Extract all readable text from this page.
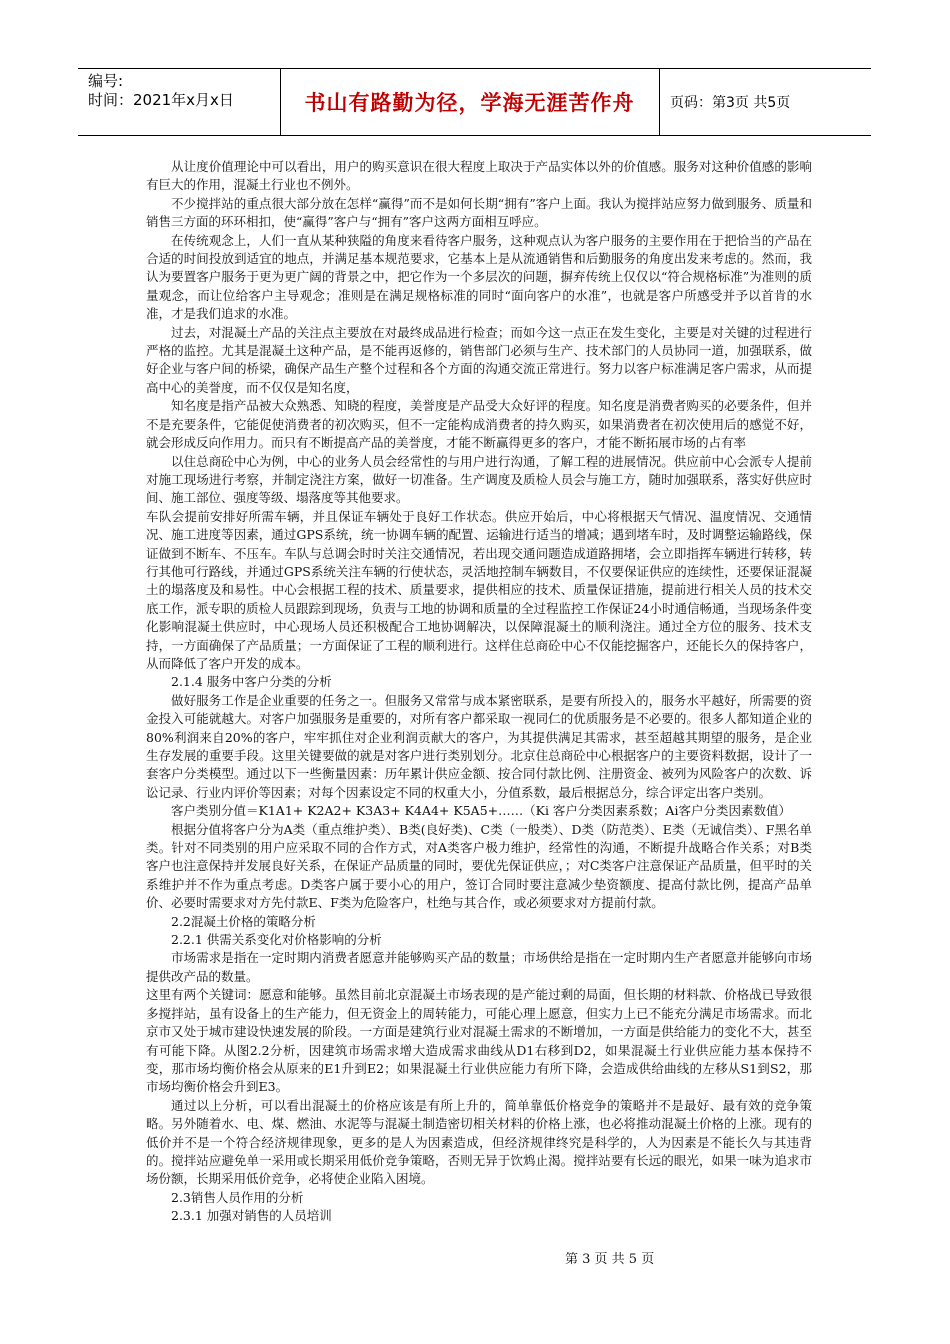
编号:
时间：2021年x月x日	书山有路勤为径，学海无涯苦作舟	页码：第3页 共5页

从让度价值理论中可以看出，用户的购买意识在很大程度上取决于产品实体以外的价值感。服务对这种价值感的影响有巨大的作用，混凝土行业也不例外。

不少搅拌站的重点很大部分放在怎样“赢得”而不是如何长期“拥有”客户上面。我认为搅拌站应努力做到服务、质量和销售三方面的环环相扣，使“赢得”客户与“拥有”客户这两方面相互呼应。

在传统观念上，人们一直从某种狭隘的角度来看待客户服务，这种观点认为客户服务的主要作用在于把恰当的产品在合适的时间投放到适宜的地点，并满足基本规范要求，它基本上是从流通销售和后勤服务的角度出发来考虑的。然而，我认为要置客户服务于更为更广阔的背景之中，把它作为一个多层次的问题，摒弃传统上仅仅以“符合规格标准”为准则的质量观念，而让位给客户主导观念；准则是在满足规格标准的同时“面向客户的水准”，也就是客户所感受并予以首肯的水准，才是我们追求的水准。

过去，对混凝土产品的关注点主要放在对最终成品进行检查；而如今这一点正在发生变化，主要是对关键的过程进行严格的监控。尤其是混凝土这种产品，是不能再返修的，销售部门必须与生产、技术部门的人员协同一道，加强联系，做好企业与客户间的桥梁，确保产品生产整个过程和各个方面的沟通交流正常进行。努力以客户标准满足客户需求，从而提高中心的美誉度，而不仅仅是知名度，

知名度是指产品被大众熟悉、知晓的程度，美誉度是产品受大众好评的程度。知名度是消费者购买的必要条件，但并不是充要条件，它能促使消费者的初次购买，但不一定能构成消费者的持久购买，如果消费者在初次使用后的感觉不好，就会形成反向作用力。而只有不断提高产品的美誉度，才能不断赢得更多的客户，才能不断拓展市场的占有率

以住总商砼中心为例，中心的业务人员会经常性的与用户进行沟通，了解工程的进展情况。供应前中心会派专人提前对施工现场进行考察，并制定浇注方案，做好一切准备。生产调度及质检人员会与施工方，随时加强联系，落实好供应时间、施工部位、强度等级、塌落度等其他要求。

车队会提前安排好所需车辆，并且保证车辆处于良好工作状态。供应开始后，中心将根据天气情况、温度情况、交通情况、施工进度等因素，通过GPS系统，统一协调车辆的配置、运输进行适当的增减；遇到堵车时，及时调整运输路线，保证做到不断车、不压车。车队与总调会时时关注交通情况，若出现交通问题造成道路拥堵，会立即指挥车辆进行转移，转行其他可行路线，并通过GPS系统关注车辆的行使状态，灵活地控制车辆数目，不仅要保证供应的连续性，还要保证混凝土的塌落度及和易性。中心会根据工程的技术、质量要求，提供相应的技术、质量保证措施，提前进行相关人员的技术交底工作，派专职的质检人员跟踪到现场，负责与工地的协调和质量的全过程监控工作保证24小时通信畅通，当现场条件变化影响混凝土供应时，中心现场人员还积极配合工地协调解决，以保障混凝土的顺利浇注。通过全方位的服务、技术支持，一方面确保了产品质量；一方面保证了工程的顺利进行。这样住总商砼中心不仅能挖掘客户，还能长久的保持客户，从而降低了客户开发的成本。

2.1.4 服务中客户分类的分析

做好服务工作是企业重要的任务之一。但服务又常常与成本紧密联系，是要有所投入的，服务水平越好，所需要的资金投入可能就越大。对客户加强服务是重要的，对所有客户都采取一视同仁的优质服务是不必要的。很多人都知道企业的80%利润来自20%的客户，牢牢抓住对企业利润贡献大的客户，为其提供满足其需求，甚至超越其期望的服务，是企业生存发展的重要手段。这里关键要做的就是对客户进行类别划分。北京住总商砼中心根据客户的主要资料数据，设计了一套客户分类模型。通过以下一些衡量因素：历年累计供应金额、按合同付款比例、注册资金、被列为风险客户的次数、诉讼记录、行业内评价等因素；对每个因素设定不同的权重大小，分值系数，最后根据总分，综合评定出客户类别。

客户类别分值＝K1A1+ K2A2+ K3A3+ K4A4+ K5A5+……（Ki 客户分类因素系数；Ai客户分类因素数值）

根据分值将客户分为A类（重点维护类）、B类(良好类)、C类（一般类）、D类（防范类）、E类（无诚信类）、F黑名单类。针对不同类别的用户应采取不同的合作方式，对A类客户极力维护，经常性的沟通，不断提升战略合作关系；对B类客户也注意保持并发展良好关系，在保证产品质量的同时，要优先保证供应，；对C类客户注意保证产品质量，但平时的关系维护并不作为重点考虑。D类客户属于要小心的用户，签订合同时要注意减少垫资额度、提高付款比例，提高产品单价、必要时需要求对方先付款E、F类为危险客户，杜绝与其合作，或必须要求对方提前付款。

2.2混凝土价格的策略分析

2.2.1 供需关系变化对价格影响的分析

市场需求是指在一定时期内消费者愿意并能够购买产品的数量；市场供给是指在一定时期内生产者愿意并能够向市场提供改产品的数量。

这里有两个关键词：愿意和能够。虽然目前北京混凝土市场表现的是产能过剩的局面，但长期的材料款、价格战已导致很多搅拌站，虽有设备上的生产能力，但无资金上的周转能力，可能心理上愿意，但实力上已不能充分满足市场需求。而北京市又处于城市建设快速发展的阶段。一方面是建筑行业对混凝土需求的不断增加，一方面是供给能力的变化不大，甚至有可能下降。从图2.2分析，因建筑市场需求增大造成需求曲线从D1右移到D2，如果混凝土行业供应能力基本保持不变，那市场均衡价格会从原来的E1升到E2；如果混凝土行业供应能力有所下降，会造成供给曲线的左移从S1到S2，那市场均衡价格会升到E3。

通过以上分析，可以看出混凝土的价格应该是有所上升的，简单靠低价格竞争的策略并不是最好、最有效的竞争策略。另外随着水、电、煤、燃油、水泥等与混凝土制造密切相关材料的价格上涨，也必将推动混凝土价格的上涨。现有的低价并不是一个符合经济规律现象，更多的是人为因素造成，但经济规律终究是科学的，人为因素是不能长久与其违背的。搅拌站应避免单一采用或长期采用低价竞争策略，否则无异于饮鸩止渴。搅拌站要有长远的眼光，如果一味为追求市场份额，长期采用低价竞争，必将使企业陷入困境。

2.3销售人员作用的分析

2.3.1 加强对销售的人员培训

第 3 页 共 5 页
